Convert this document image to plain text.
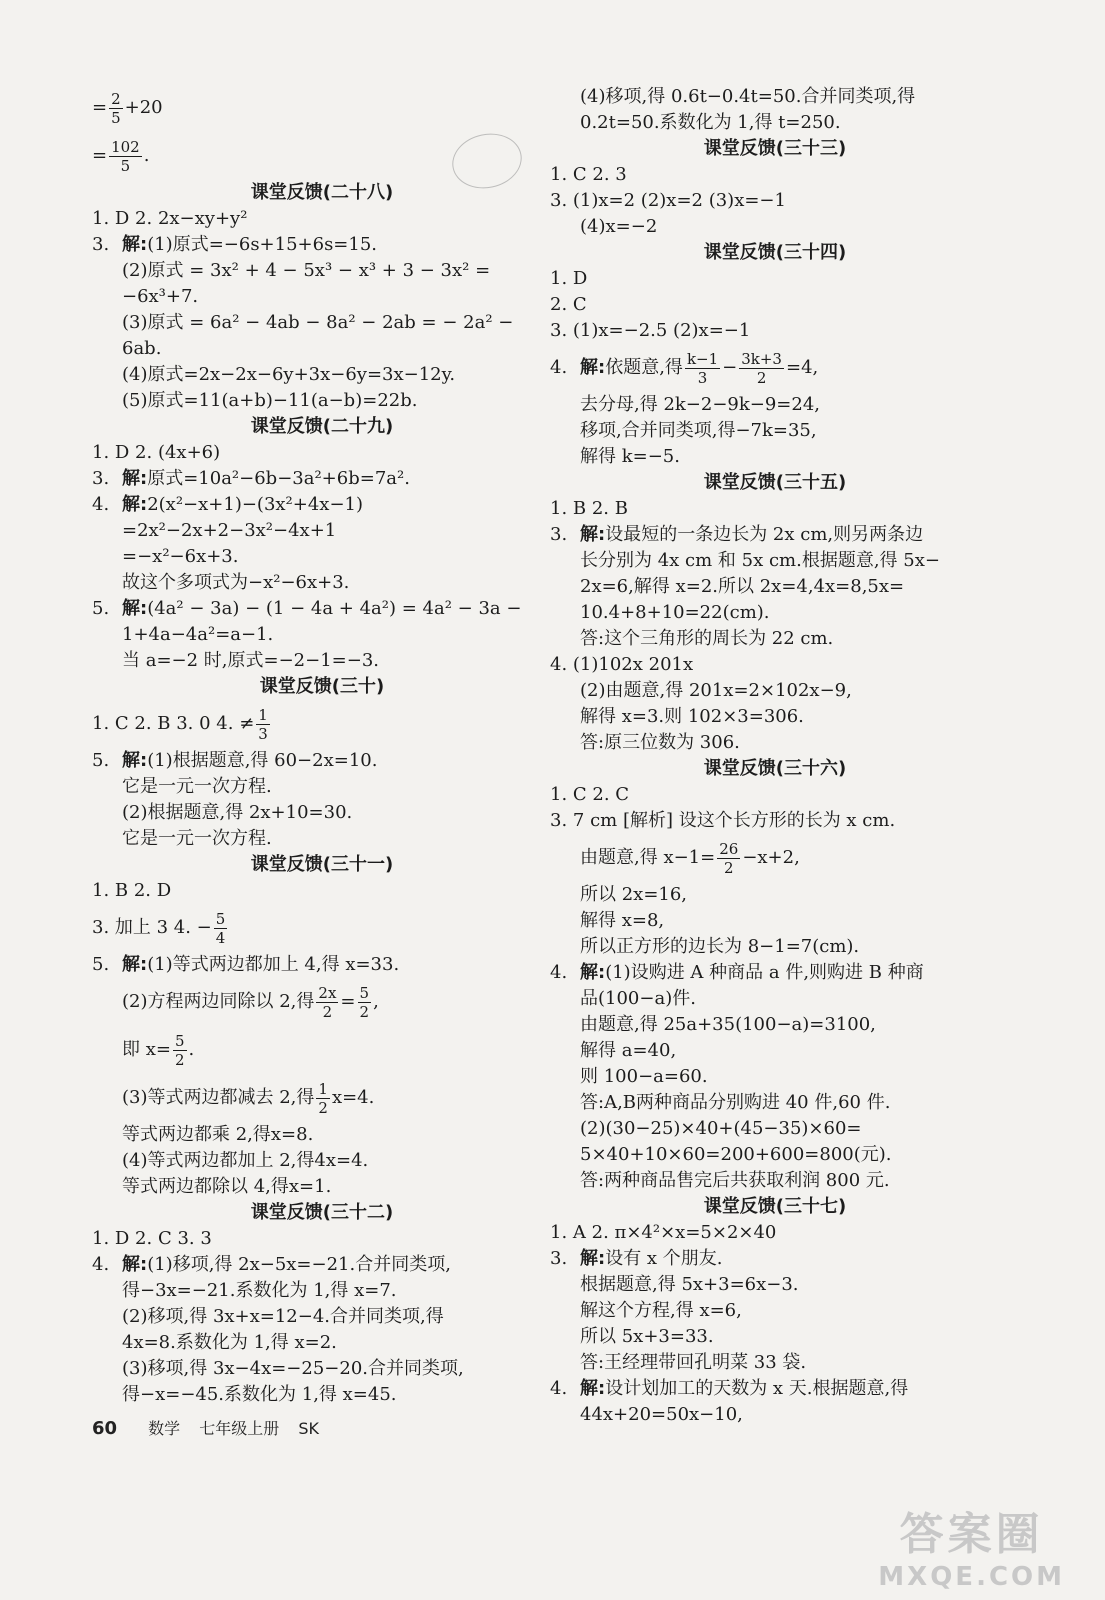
= $\frac{2}{5} +20$
= $\frac{102}{5}$ .
课堂反馈(二十八)
1. D 2. 2x−xy+y²
3. 解:(1)原式=−6s+15+6s=15.
(2)原式 = 3x² + 4 − 5x³ − x³ + 3 − 3x² =
−6x³+7.
(3)原式 = 6a² − 4ab − 8a² − 2ab = − 2a² −
6ab.
(4)原式=2x−2x−6y+3x−6y=3x−12y.
(5)原式=11(a+b)−11(a−b)=22b.
课堂反馈(二十九)
1. D 2. (4x+6)
3. 解:原式=10a²−6b−3a²+6b=7a².
4. 解:2(x²−x+1)−(3x²+4x−1)
=2x²−2x+2−3x²−4x+1
=−x²−6x+3.
故这个多项式为−x²−6x+3.
5. 解:(4a² − 3a) − (1 − 4a + 4a²) = 4a² − 3a −
1+4a−4a²=a−1.
当 a=−2 时,原式=−2−1=−3.
课堂反馈(三十)
1. C 2. B 3. 0 4. ≠ $\frac{1}{3}$
5. 解:(1)根据题意,得 60−2x=10.
它是一元一次方程.
(2)根据题意,得 2x+10=30.
它是一元一次方程.
课堂反馈(三十一)
1. B 2. D
3. 加上 3 4. − $\frac{5}{4}$
5. 解:(1)等式两边都加上 4,得 x=33.
(2)方程两边同除以 2,得 $\frac{2x}{2} = \frac{5}{2}$ ,
即 $x= \frac{5}{2}$ .
(3)等式两边都减去 2,得 $\frac{1}{2} x=4$.
等式两边都乘 2,得x=8.
(4)等式两边都加上 2,得4x=4.
等式两边都除以 4,得x=1.
课堂反馈(三十二)
1. D 2. C 3. 3
4. 解:(1)移项,得 2x−5x=−21.合并同类项,
得−3x=−21.系数化为 1,得 x=7.
(2)移项,得 3x+x=12−4.合并同类项,得
4x=8.系数化为 1,得 x=2.
(3)移项,得 3x−4x=−25−20.合并同类项,
得−x=−45.系数化为 1,得 x=45.
(4)移项,得 0.6t−0.4t=50.合并同类项,得
0.2t=50.系数化为 1,得 t=250.
课堂反馈(三十三)
1. C 2. 3
3. (1)x=2 (2)x=2 (3)x=−1
(4)x=−2
课堂反馈(三十四)
1. D
2. C
3. (1)x=−2.5 (2)x=−1
4. 解:依题意,得 $\frac{k-1}{3} - \frac{3k+3}{2} =4$,
去分母,得 2k−2−9k−9=24,
移项,合并同类项,得−7k=35,
解得 k=−5.
课堂反馈(三十五)
1. B 2. B
3. 解:设最短的一条边长为 2x cm,则另两条边
长分别为 4x cm 和 5x cm.根据题意,得 5x−
2x=6,解得 x=2.所以 2x=4,4x=8,5x=
10.4+8+10=22(cm).
答:这个三角形的周长为 22 cm.
4. (1)102x 201x
(2)由题意,得 201x=2×102x−9,
解得 x=3.则 102×3=306.
答:原三位数为 306.
课堂反馈(三十六)
1. C 2. C
3. 7 cm [解析] 设这个长方形的长为 x cm.
由题意,得 $x-1= \frac{26}{2} -x+2$,
所以 2x=16,
解得 x=8,
所以正方形的边长为 8−1=7(cm).
4. 解:(1)设购进 A 种商品 a 件,则购进 B 种商
品(100−a)件.
由题意,得 25a+35(100−a)=3100,
解得 a=40,
则 100−a=60.
答:A,B两种商品分别购进 40 件,60 件.
(2)(30−25)×40+(45−35)×60=
5×40+10×60=200+600=800(元).
答:两种商品售完后共获取利润 800 元.
课堂反馈(三十七)
1. A 2. π×4²×x=5×2×40
3. 解:设有 x 个朋友.
根据题意,得 5x+3=6x−3.
解这个方程,得 x=6,
所以 5x+3=33.
答:王经理带回孔明菜 33 袋.
4. 解:设计划加工的天数为 x 天.根据题意,得
44x+20=50x−10,
60 数学 七年级上册 SK
答案圈
MXQE.COM
